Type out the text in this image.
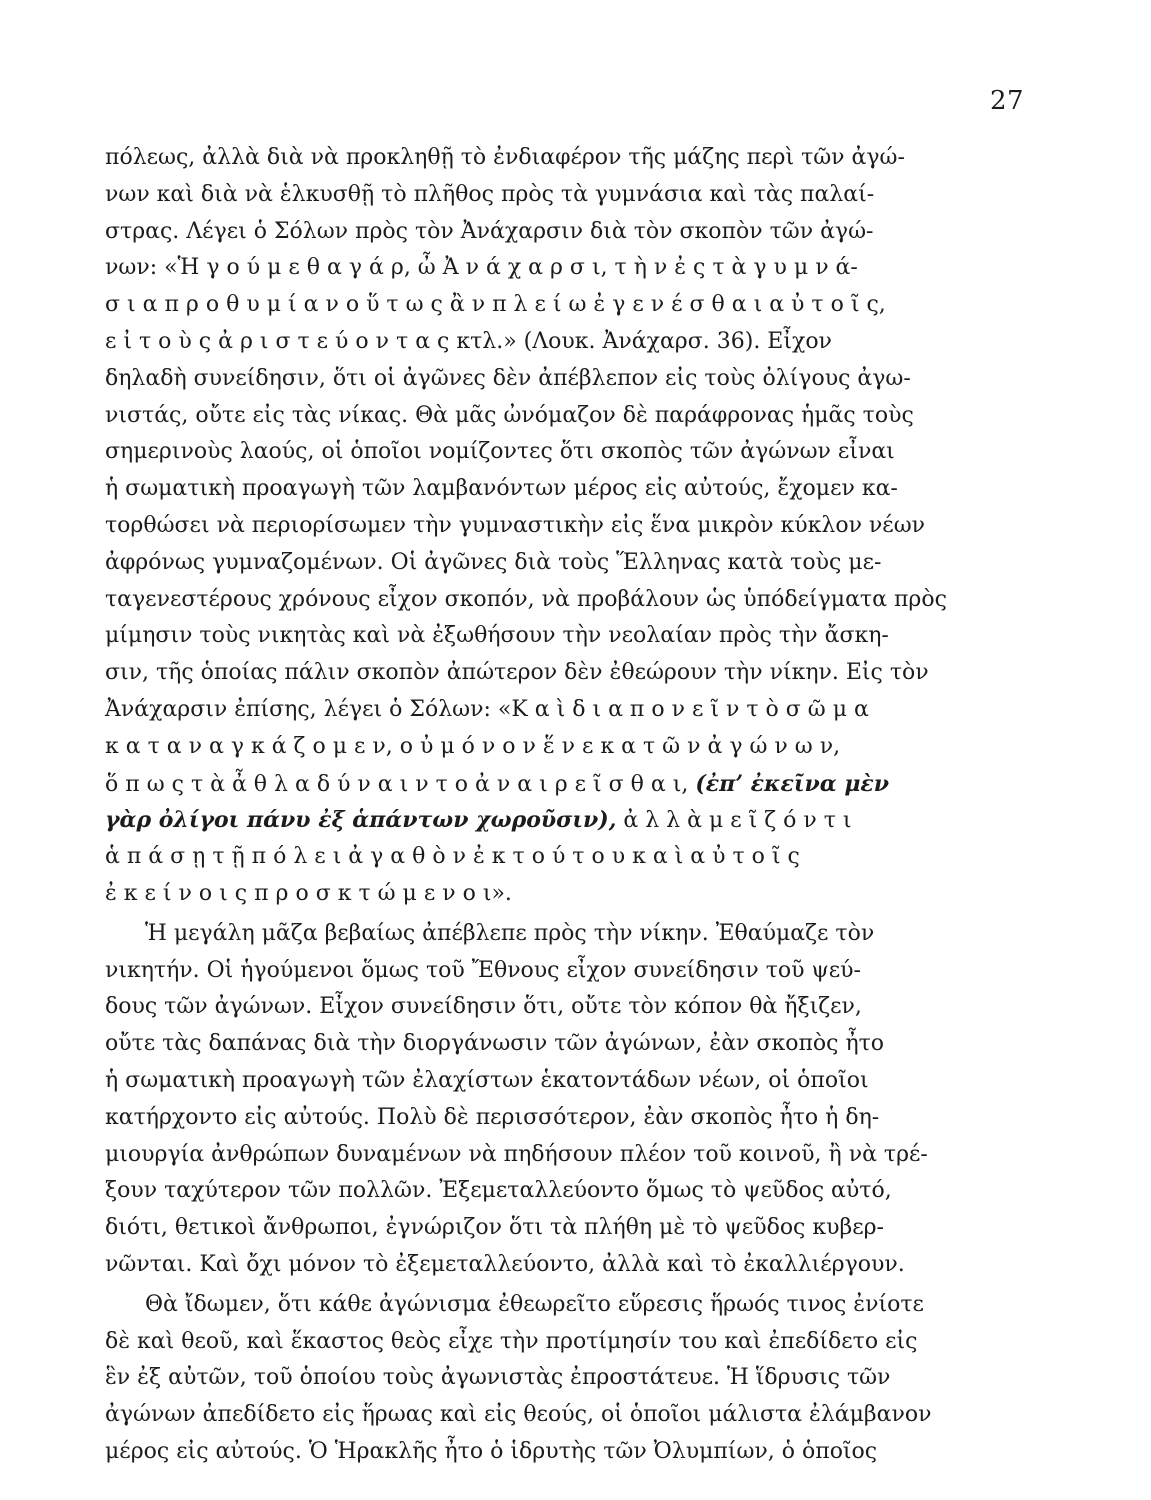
27
πόλεως, ἀλλὰ διὰ νὰ προκληθῇ τὸ ἐνδιαφέρον τῆς μάζης περὶ τῶν ἀγώ-
νων καὶ διὰ νὰ ἑλκυσθῇ τὸ πλῆθος πρὸς τὰ γυμνάσια καὶ τὰς παλαί-
στρας. Λέγει ὁ Σόλων πρὸς τὸν Ἀνάχαρσιν διὰ τὸν σκοπὸν τῶν ἀγώ-
νων: «Ἡ γ ο ύ μ ε θ α γ ά ρ, ὦ Ἀ ν ά χ α ρ σ ι, τ ὴ ν ἐ ς τ ὰ γ υ μ ν ά-
σ ι α π ρ ο θ υ μ ί α ν ο ὕ τ ω ς ἂ ν π λ ε ί ω ἐ γ ε ν έ σ θ α ι α ὐ τ ο ῖ ς,
ε ἰ τ ο ὺ ς ἀ ρ ι σ τ ε ύ ο ν τ α ς κτλ.» (Λουκ. Ἀνάχαρσ. 36). Εἶχον
δηλαδὴ συνείδησιν, ὅτι οἱ ἀγῶνες δὲν ἀπέβλεπον εἰς τοὺς ὀλίγους ἀγω-
νιστάς, οὔτε εἰς τὰς νίκας. Θὰ μᾶς ὠνόμαζον δὲ παράφρονας ἡμᾶς τοὺς
σημερινοὺς λαούς, οἱ ὁποῖοι νομίζοντες ὅτι σκοπὸς τῶν ἀγώνων εἶναι
ἡ σωματικὴ προαγωγὴ τῶν λαμβανόντων μέρος εἰς αὐτούς, ἔχομεν κα-
τορθώσει νὰ περιορίσωμεν τὴν γυμναστικὴν εἰς ἕνα μικρὸν κύκλον νέων
ἀφρόνως γυμναζομένων. Οἱ ἀγῶνες διὰ τοὺς Ἕλληνας κατὰ τοὺς με-
ταγενεστέρους χρόνους εἶχον σκοπόν, νὰ προβάλουν ὡς ὑπόδείγματα πρὸς
μίμησιν τοὺς νικητὰς καὶ νὰ ἐξωθήσουν τὴν νεολαίαν πρὸς τὴν ἄσκη-
σιν, τῆς ὁποίας πάλιν σκοπὸν ἀπώτερον δὲν ἐθεώρουν τὴν νίκην. Εἰς τὸν
Ἀνάχαρσιν ἐπίσης, λέγει ὁ Σόλων: «Κ α ὶ δ ι α π ο ν ε ῖ ν τ ὸ σ ῶ μ α
κ α τ α ν α γ κ ά ζ ο μ ε ν, ο ὐ μ ό ν ο ν ἕ ν ε κ α τ ῶ ν ἀ γ ώ ν ω ν,
ὅ π ω ς τ ὰ ἆ θ λ α δ ύ ν α ι ν τ ο ἀ ν α ι ρ ε ῖ σ θ α ι, (ἐπʼ ἐκεῖνα μὲν
γὰρ ὀλίγοι πάνυ ἐξ ἁπάντων χωροῦσιν), ἀ λ λ ὰ μ ε ῖ ζ ό ν τ ι
ἁ π ά σ ῃ τ ῇ π ό λ ε ι ἀ γ α θ ὸ ν ἐ κ τ ο ύ τ ο υ κ α ὶ α ὐ τ ο ῖ ς
ἐ κ ε ί ν ο ι ς π ρ ο σ κ τ ώ μ ε ν ο ι».
Ἡ μεγάλη μᾶζα βεβαίως ἀπέβλεπε πρὸς τὴν νίκην. Ἐθαύμαζε τὸν
νικητήν. Οἱ ἡγούμενοι ὅμως τοῦ Ἔθνους εἶχον συνείδησιν τοῦ ψεύ-
δους τῶν ἀγώνων. Εἶχον συνείδησιν ὅτι, οὔτε τὸν κόπον θὰ ἤξιζεν,
οὔτε τὰς δαπάνας διὰ τὴν διοργάνωσιν τῶν ἀγώνων, ἐὰν σκοπὸς ἦτο
ἡ σωματικὴ προαγωγὴ τῶν ἐλαχίστων ἑκατοντάδων νέων, οἱ ὁποῖοι
κατήρχοντο εἰς αὐτούς. Πολὺ δὲ περισσότερον, ἐὰν σκοπὸς ἦτο ἡ δη-
μιουργία ἀνθρώπων δυναμένων νὰ πηδήσουν πλέον τοῦ κοινοῦ, ἢ νὰ τρέ-
ξουν ταχύτερον τῶν πολλῶν. Ἐξεμεταλλεύοντο ὅμως τὸ ψεῦδος αὐτό,
διότι, θετικοὶ ἄνθρωποι, ἐγνώριζον ὅτι τὰ πλήθη μὲ τὸ ψεῦδος κυβερ-
νῶνται. Καὶ ὄχι μόνον τὸ ἐξεμεταλλεύοντο, ἀλλὰ καὶ τὸ ἐκαλλιέργουν.
Θὰ ἴδωμεν, ὅτι κάθε ἀγώνισμα ἐθεωρεῖτο εὕρεσις ἥρωός τινος ἐνίοτε
δὲ καὶ θεοῦ, καὶ ἕκαστος θεὸς εἶχε τὴν προτίμησίν του καὶ ἐπεδίδετο εἰς
ἓν ἐξ αὐτῶν, τοῦ ὁποίου τοὺς ἀγωνιστὰς ἐπροστάτευε. Ἡ ἵδρυσις τῶν
ἀγώνων ἀπεδίδετο εἰς ἥρωας καὶ εἰς θεούς, οἱ ὁποῖοι μάλιστα ἐλάμβανον
μέρος εἰς αὐτούς. Ὁ Ἡρακλῆς ἦτο ὁ ἱδρυτὴς τῶν Ὀλυμπίων, ὁ ὁποῖος
